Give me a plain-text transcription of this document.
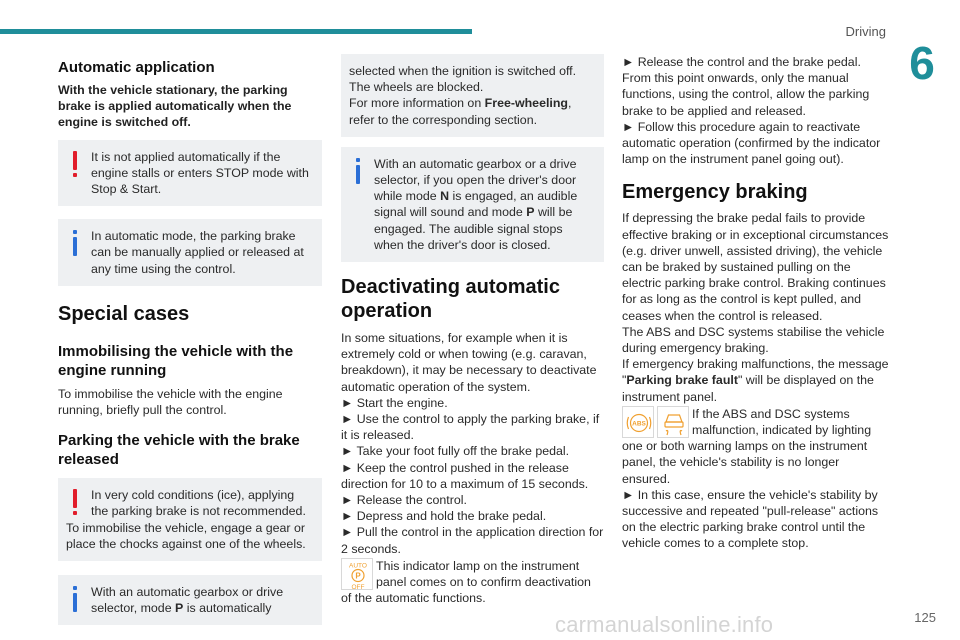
Driving
6
Automatic application
With the vehicle stationary, the parking brake is applied automatically when the engine is switched off.
It is not applied automatically if the engine stalls or enters STOP mode with Stop & Start.
In automatic mode, the parking brake can be manually applied or released at any time using the control.
Special cases
Immobilising the vehicle with the engine running
To immobilise the vehicle with the engine running, briefly pull the control.
Parking the vehicle with the brake released
In very cold conditions (ice), applying the parking brake is not recommended.
To immobilise the vehicle, engage a gear or place the chocks against one of the wheels.
With an automatic gearbox or drive selector, mode P is automatically
selected when the ignition is switched off. The wheels are blocked.
For more information on Free-wheeling, refer to the corresponding section.
With an automatic gearbox or a drive selector, if you open the driver's door while mode N is engaged, an audible signal will sound and mode P will be engaged. The audible signal stops when the driver's door is closed.
Deactivating automatic operation
In some situations, for example when it is extremely cold or when towing (e.g. caravan, breakdown), it may be necessary to deactivate automatic operation of the system.
► Start the engine.
► Use the control to apply the parking brake, if it is released.
► Take your foot fully off the brake pedal.
► Keep the control pushed in the release direction for 10 to a maximum of 15 seconds.
► Release the control.
► Depress and hold the brake pedal.
► Pull the control in the application direction for 2 seconds.
AUTO
P
OFF
This indicator lamp on the instrument panel comes on to confirm deactivation of the automatic functions.
► Release the control and the brake pedal.
From this point onwards, only the manual functions, using the control, allow the parking brake to be applied and released.
► Follow this procedure again to reactivate automatic operation (confirmed by the indicator lamp on the instrument panel going out).
Emergency braking
If depressing the brake pedal fails to provide effective braking or in exceptional circumstances (e.g. driver unwell, assisted driving), the vehicle can be braked by sustained pulling on the electric parking brake control. Braking continues for as long as the control is kept pulled, and ceases when the control is released.
The ABS and DSC systems stabilise the vehicle during emergency braking.
If emergency braking malfunctions, the message "Parking brake fault" will be displayed on the instrument panel.
ABS
If the ABS and DSC systems malfunction, indicated by lighting one or both warning lamps on the instrument panel, the vehicle's stability is no longer ensured.
► In this case, ensure the vehicle's stability by successive and repeated "pull-release" actions on the electric parking brake control until the vehicle comes to a complete stop.
carmanualsonline.info	125
